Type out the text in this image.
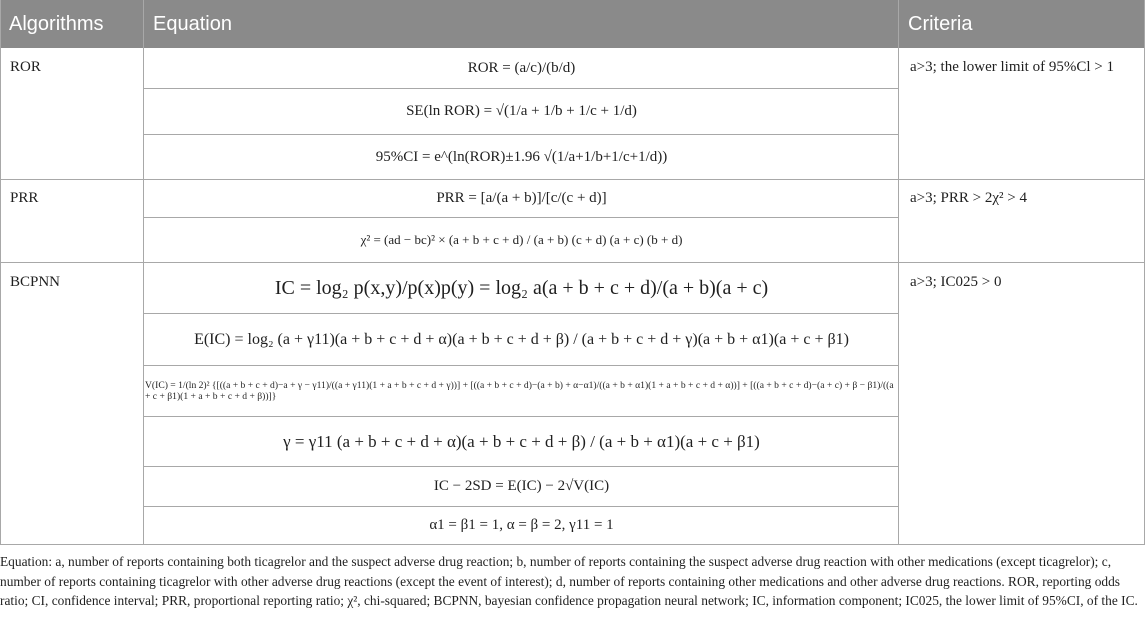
Algorithms	Equation	Criteria
ROR
PRR
BCPNN
a>3; the lower limit of 95%Cl > 1
a>3; PRR > 2χ² > 4
a>3; IC025 > 0
ROR = (a/c)/(b/d)
SE(ln ROR) = √(1/a + 1/b + 1/c + 1/d)
95%CI = e^(ln(ROR)±1.96 √(1/a+1/b+1/c+1/d))
PRR = [a/(a + b)]/[c/(c + d)]
χ² = (ad − bc)² × (a + b + c + d) / (a + b) (c + d) (a + c) (b + d)
IC = log₂ p(x,y)/p(x)p(y) = log₂ a(a + b + c + d)/(a + b)(a + c)
E(IC) = log₂ (a + γ11)(a + b + c + d + α)(a + b + c + d + β) / (a + b + c + d + γ)(a + b + α1)(a + c + β1)
V(IC) = 1/(ln 2)² {[((a + b + c + d)−a + γ − γ11)/((a + γ11)(1 + a + b + c + d + γ))] + [((a + b + c + d)−(a + b) + α−α1)/((a + b + α1)(1 + a + b + c + d + α))] + [((a + b + c + d)−(a + c) + β − β1)/((a + c + β1)(1 + a + b + c + d + β))]}
γ = γ11 (a + b + c + d + α)(a + b + c + d + β) / (a + b + α1)(a + c + β1)
IC − 2SD = E(IC) − 2√V(IC)
α1 = β1 = 1, α = β = 2, γ11 = 1
Equation: a, number of reports containing both ticagrelor and the suspect adverse drug reaction; b, number of reports containing the suspect adverse drug reaction with other medications (except ticagrelor); c, number of reports containing ticagrelor with other adverse drug reactions (except the event of interest); d, number of reports containing other medications and other adverse drug reactions. ROR, reporting odds ratio; CI, confidence interval; PRR, proportional reporting ratio; χ², chi-squared; BCPNN, bayesian confidence propagation neural network; IC, information component; IC025, the lower limit of 95%CI, of the IC.
